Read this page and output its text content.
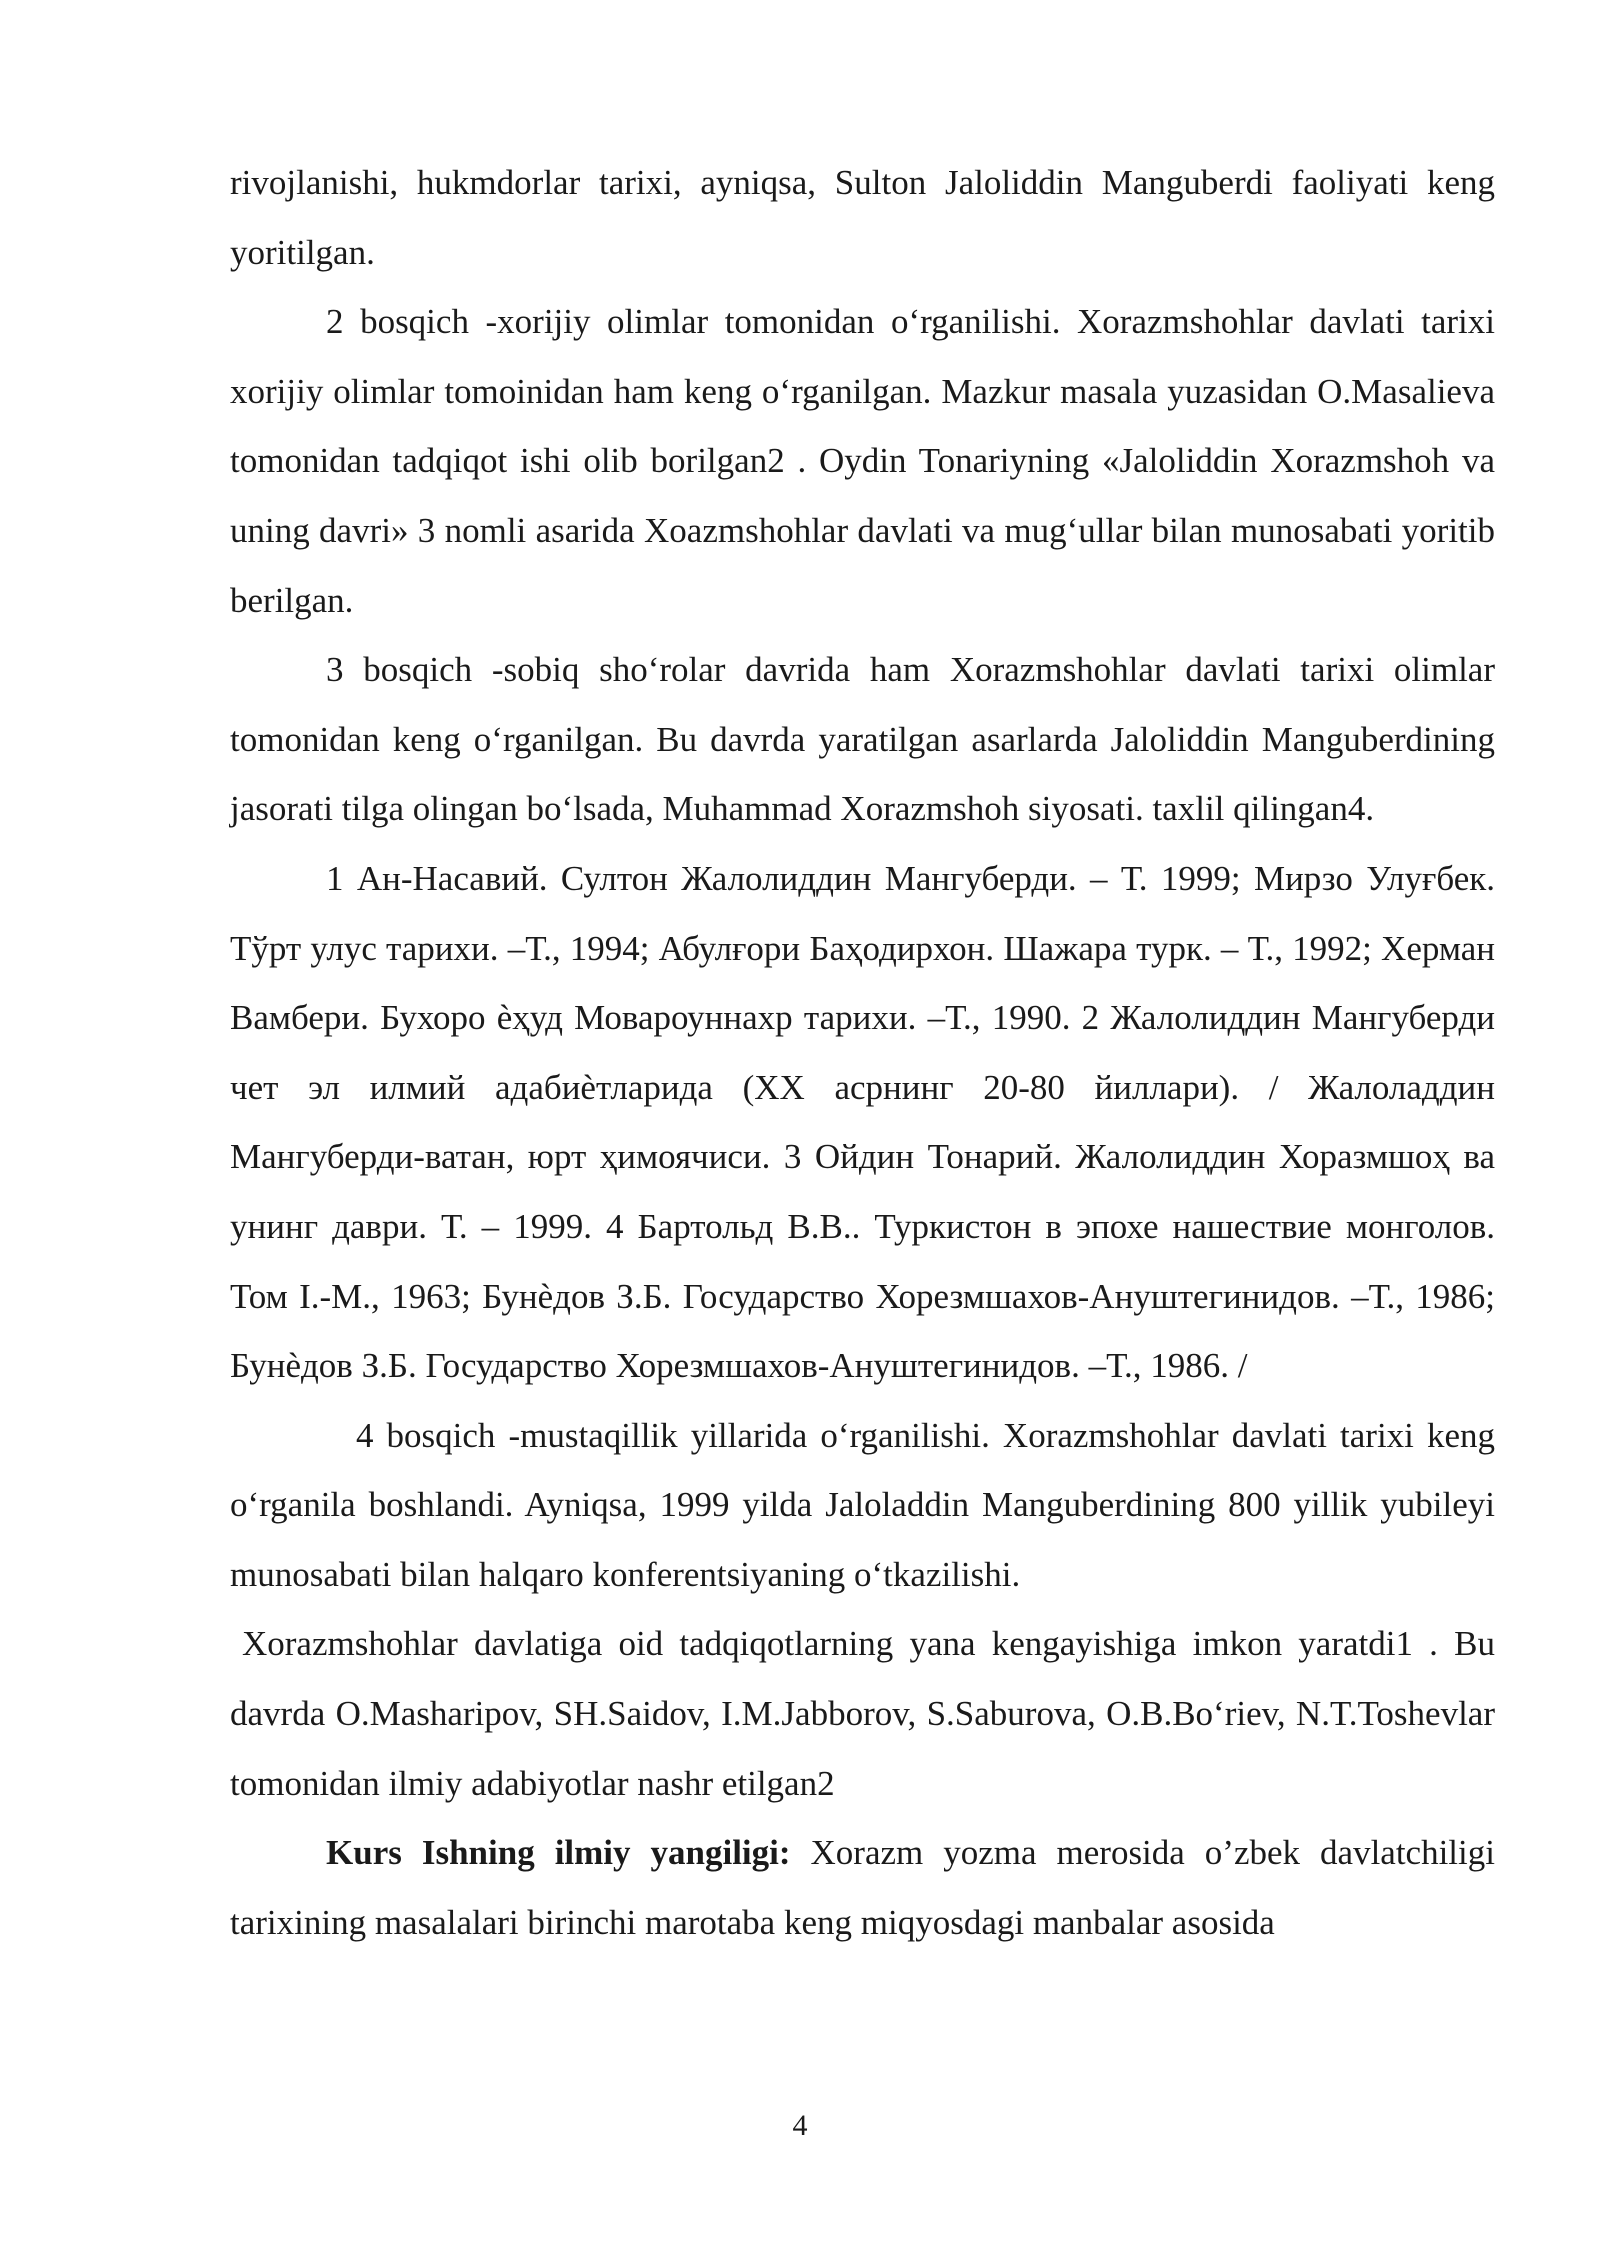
rivojlanishi, hukmdorlar tarixi, ayniqsa, Sulton Jaloliddin Manguberdi faoliyati keng yoritilgan.

2 bosqich -xorijiy olimlar tomonidan o‘rganilishi. Xorazmshohlar davlati tarixi xorijiy olimlar tomoinidan ham keng o‘rganilgan. Mazkur masala yuzasidan O.Masalieva tomonidan tadqiqot ishi olib borilgan2 . Oydin Tonariyning «Jaloliddin Xorazmshoh va uning davri» 3 nomli asarida Xoazmshohlar davlati va mug‘ullar bilan munosabati yoritib berilgan.

3 bosqich -sobiq sho‘rolar davrida ham Xorazmshohlar davlati tarixi olimlar tomonidan keng o‘rganilgan. Bu davrda yaratilgan asarlarda Jaloliddin Manguberdining jasorati tilga olingan bo‘lsada, Muhammad Xorazmshoh siyosati. taxlil qilingan4.

1 Ан-Насавий. Султон Жалолиддин Мангуберди. – Т. 1999; Мирзо Улуғбек. Тўрт улус тарихи. –Т., 1994; Абулғори Баҳодирхон. Шажара турк. – Т., 1992; Херман Вамбери. Бухоро ѐҳуд Мовароуннахр тарихи. –Т., 1990. 2 Жалолиддин Мангуберди чет эл илмий адабиѐтларида (XX асрнинг 20-80 йиллари). / Жалоладдин Мангуберди-ватан, юрт ҳимоячиси. 3 Ойдин Тонарий. Жалолиддин Хоразмшоҳ ва унинг даври. Т. – 1999. 4 Бартольд В.В.. Туркистон в эпохе нашествие монголов. Том I.-М., 1963; Бунѐдов З.Б. Государство Хорезмшахов-Ануштегинидов. –Т., 1986; Бунѐдов З.Б. Государство Хорезмшахов-Ануштегинидов. –Т., 1986. /

4 bosqich -mustaqillik yillarida o‘rganilishi. Xorazmshohlar davlati tarixi keng o‘rganila boshlandi. Ayniqsa, 1999 yilda Jaloladdin Manguberdining 800 yillik yubileyi munosabati bilan halqaro konferentsiyaning o‘tkazilishi.

Xorazmshohlar davlatiga oid tadqiqotlarning yana kengayishiga imkon yaratdi1 . Bu davrda O.Masharipov, SH.Saidov, I.M.Jabborov, S.Saburova, O.B.Bo‘riev, N.T.Toshevlar tomonidan ilmiy adabiyotlar nashr etilgan2

Kurs Ishning ilmiy yangiligi: Xorazm yozma merosida o’zbek davlatchiligi tarixining masalalari birinchi marotaba keng miqyosdagi manbalar asosida

4
